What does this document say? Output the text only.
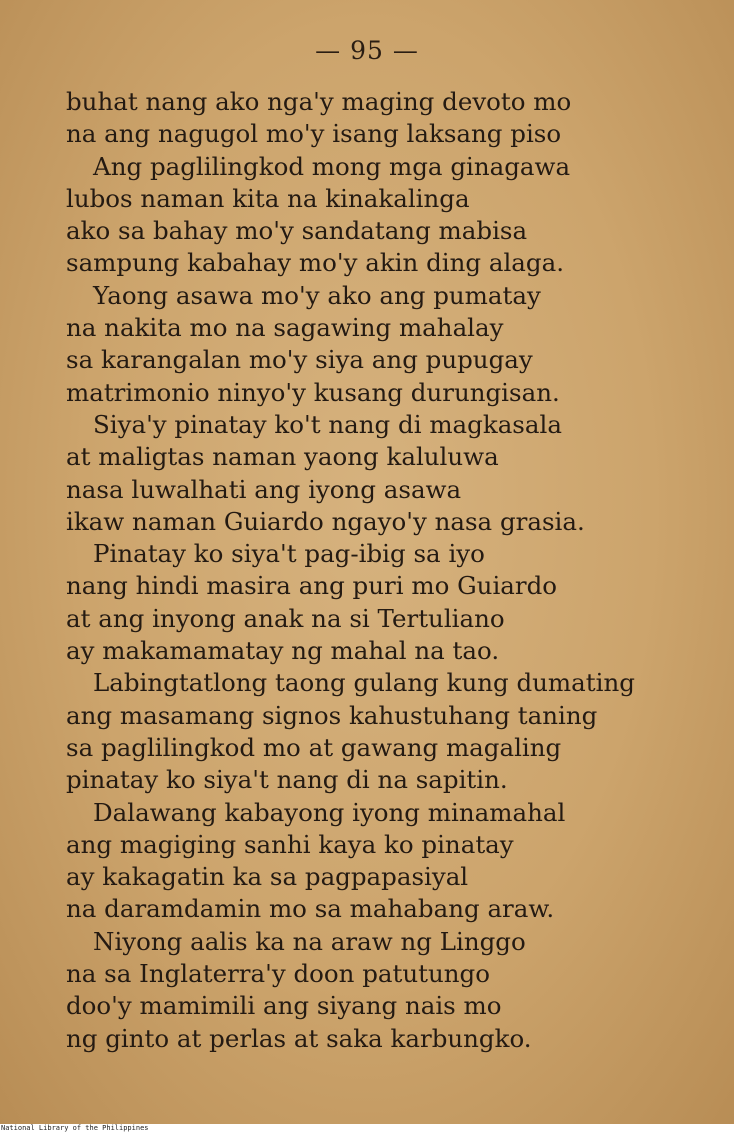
— 95 —
buhat nang ako nga'y maging devoto mo
na ang nagugol mo'y isang laksang piso
Ang paglilingkod mong mga ginagawa
lubos naman kita na kinakalinga
ako sa bahay mo'y sandatang mabisa
sampung kabahay mo'y akin ding alaga.
Yaong asawa mo'y ako ang pumatay
na nakita mo na sagawing mahalay
sa karangalan mo'y siya ang pupugay
matrimonio ninyo'y kusang durungisan.
Siya'y pinatay ko't nang di magkasala
at maligtas naman yaong kaluluwa
nasa luwalhati ang iyong asawa
ikaw naman Guiardo ngayo'y nasa grasia.
Pinatay ko siya't pag-ibig sa iyo
nang hindi masira ang puri mo Guiardo
at ang inyong anak na si Tertuliano
ay makamamatay ng mahal na tao.
Labingtatlong taong gulang kung dumating
ang masamang signos kahustuhang taning
sa paglilingkod mo at gawang magaling
pinatay ko siya't nang di na sapitin.
Dalawang kabayong iyong minamahal
ang magiging sanhi kaya ko pinatay
ay kakagatin ka sa pagpapasiyal
na daramdamin mo sa mahabang araw.
Niyong aalis ka na araw ng Linggo
na sa Inglaterra'y doon patutungo
doo'y mamimili ang siyang nais mo
ng ginto at perlas at saka karbungko.
National Library of the Philippines
